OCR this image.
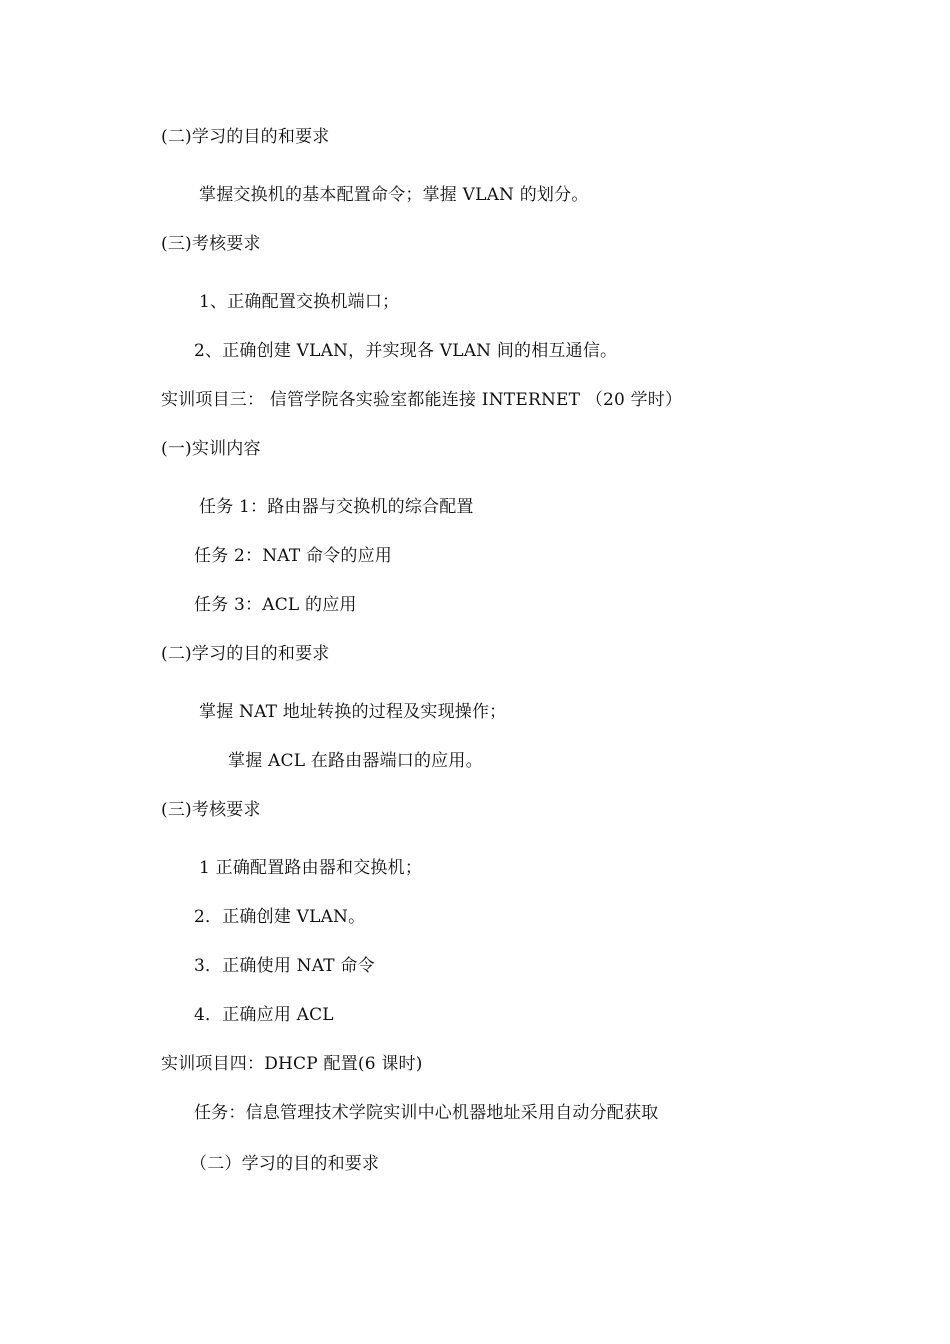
(二)学习的目的和要求
掌握交换机的基本配置命令；掌握 VLAN 的划分。
(三)考核要求
1、正确配置交换机端口；
2、正确创建 VLAN，并实现各 VLAN 间的相互通信。
实训项目三： 信管学院各实验室都能连接 INTERNET （20 学时）
(一)实训内容
任务 1：路由器与交换机的综合配置
任务 2：NAT 命令的应用
任务 3：ACL 的应用
(二)学习的目的和要求
掌握 NAT 地址转换的过程及实现操作；
掌握 ACL 在路由器端口的应用。
(三)考核要求
1 正确配置路由器和交换机；
2．正确创建 VLAN。
3．正确使用 NAT 命令
4．正确应用 ACL
实训项目四：DHCP 配置(6 课时)
任务：信息管理技术学院实训中心机器地址采用自动分配获取
（二）学习的目的和要求
